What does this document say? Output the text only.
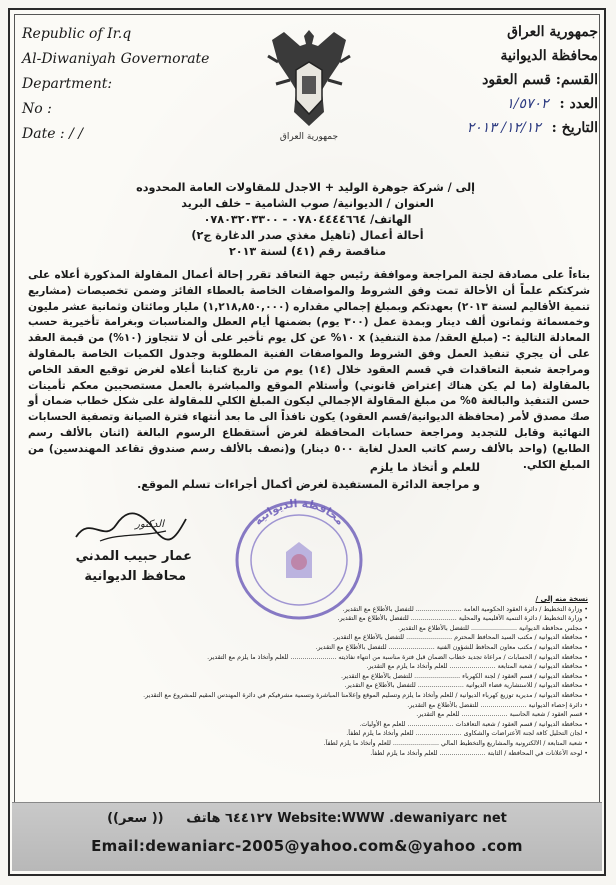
Republic of Ir.q
Al-Diwaniyah Governorate
Department:
No :
Date : / /	جمهورية العراق
جمهورية العراق
محافظة الديوانية
القسم: قسم العقود
العدد : ١/٥٧٠٢
التاريخ : ١٢/١٢/ ٢٠١٣
إلى / شركة جوهرة الوليد + الاجدل للمقاولات العامة المحدوده
العنوان / الديوانية/ صوب الشامية – خلف البريد
الهاتف/ ٠٧٨٠٤٤٤٤٦٦٤ - ٠٧٨٠٣٢٠٣٣٠٠
أحالة أعمال (تاهيل مغذي صدر الدغارة ج٢)
مناقصة رقم (٤١) لسنة ٢٠١٣
بناءاً على مصادقة لجنة المراجعة وموافقة رئيس جهة التعاقد تقرر إحالة أعمال المقاولة المذكورة أعلاه على شركتكم علماً أن الأحالة تمت وفق الشروط والمواصفات الخاصة بالعطاء الفائز وضمن تخصيصات (مشاريع تنمية الأقاليم لسنة ٢٠١٣) بعهدتكم وبمبلغ إجمالي مقداره (١,٢١٨,٨٥٠,٠٠٠) مليار ومائتان وثمانية عشر مليون وخمسمائة وثمانون ألف دينار وبمدة عمل (٣٠٠ يوم) بضمنها أيام العطل والمناسبات وبغرامة تأخيرية حسب المعادلة التالية :- (مبلغ العقد/ مدة التنفيذ) x ١٠% عن كل يوم تأخير على أن لا تتجاوز (١٠%) من قيمة العقد على أن يجري تنفيذ العمل وفق الشروط والمواصفات الفنية المطلوبة وجدول الكميات الخاصة بالمقاولة ومراجعة شعبة التعاقدات في قسم العقود خلال (١٤) يوم من تاريخ كتابنا أعلاه لغرض توقيع العقد الخاص بالمقاولة (ما لم يكن هناك إعتراض قانوني) وأستلام الموقع والمباشرة بالعمل مستصحبين معكم تأمينات حسن التنفيذ والبالغة ٥% من مبلغ المقاولة الإجمالي ليكون المبلغ الكلي للمقاولة على شكل خطاب ضمان أو صك مصدق لأمر (محافظة الديوانية/قسم العقود) يكون نافذاً الى ما بعد أنتهاء فترة الصيانة وتصفية الحسابات النهائية وقابل للتجديد ومراجعة حسابات المحافظة لغرض أستقطاع الرسوم البالغة (اثنان بالألف رسم الطابع) (واحد بالألف رسم كاتب العدل لغاية ٥٠٠ دينار) و(نصف بالألف رسم صندوق تقاعد المهندسين) من المبلغ الكلي.
للعلم و أتخاذ ما يلزم
و مراجعة الدائرة المستفيدة لغرض أكمال أجراءات تسلم الموقع.
الدكتور
عمار حبيب المدني
محافظ الديوانية
محافظة الديوانية
نسخة منه إلى /
• وزارة التخطيط / دائرة العقود الحكومية العامة ....................... للتفضل بالأطلاع مع التقدير.
• وزارة التخطيط / دائرة التنمية الأقليمية والمحلية ....................... للتفضل بالأطلاع مع التقدير.
• مجلس محافظة الديوانية ....................... للتفضل بالأطلاع مع التقدير.
• محافظة الديوانية / مكتب السيد المحافظ المحترم ....................... للتفضل بالأطلاع مع التقدير.
• محافظة الديوانية / مكتب معاون المحافظ للشؤون الفنية ....................... للتفضل بالأطلاع مع التقدير.
• محافظة الديوانية / الحسابات / مراعاة تجديد خطاب الضمان قبل فترة مناسبة من انتهاء نفاذيته ....................... للعلم وأتخاذ ما يلزم مع التقدير.
• محافظة الديوانية / شعبة المتابعة ....................... للعلم وأتخاذ ما يلزم مع التقدير.
• محافظة الديوانية / قسم العقود / لجنة الكهرباء ....................... للتفضل بالأطلاع مع التقدير.
• محافظة الديوانية / للاستشارية فضاء الديوانية ....................... للتفضل بالأطلاع مع التقدير.
• محافظة الديوانية / مديرية توزيع كهرباء الديوانية / للعلم وأتخاذ ما يلزم وتسليم الموقع وإعلامنا المباشرة وتسمية مشرفيكم في دائرة المهندس المقيم للمشروع مع التقدير.
• دائرة إحصاء الديوانية ....................... للتفضل بالأطلاع مع التقدير.
• قسم العقود / شعبة الحاسبة ....................... للعلم مع التقدير.
• محافظة الديوانية / قسم العقود / شعبة التعاقدات ....................... للعلم مع الأوليات.
• لجان التحليل كافة لجنة الأعتراضات والشكاوى ....................... للعلم وأتخاذ ما يلزم لطفاً.
• شعبة المتابعة / الالكترونية والمشاريع والتخطيط المالي ....................... للعلم وأتخاذ ما يلزم لطفاً.
• لوحة الأعلانات في المحافظة / الثابتة ....................... للعلم وأتخاذ ما يلزم لطفاً.
٦٤٤١٢٧ هاتف     (( سعر))	Website:WWW .dewaniyarc net
Email:dewaniarc-2005@yahoo.com&@yahoo .com
